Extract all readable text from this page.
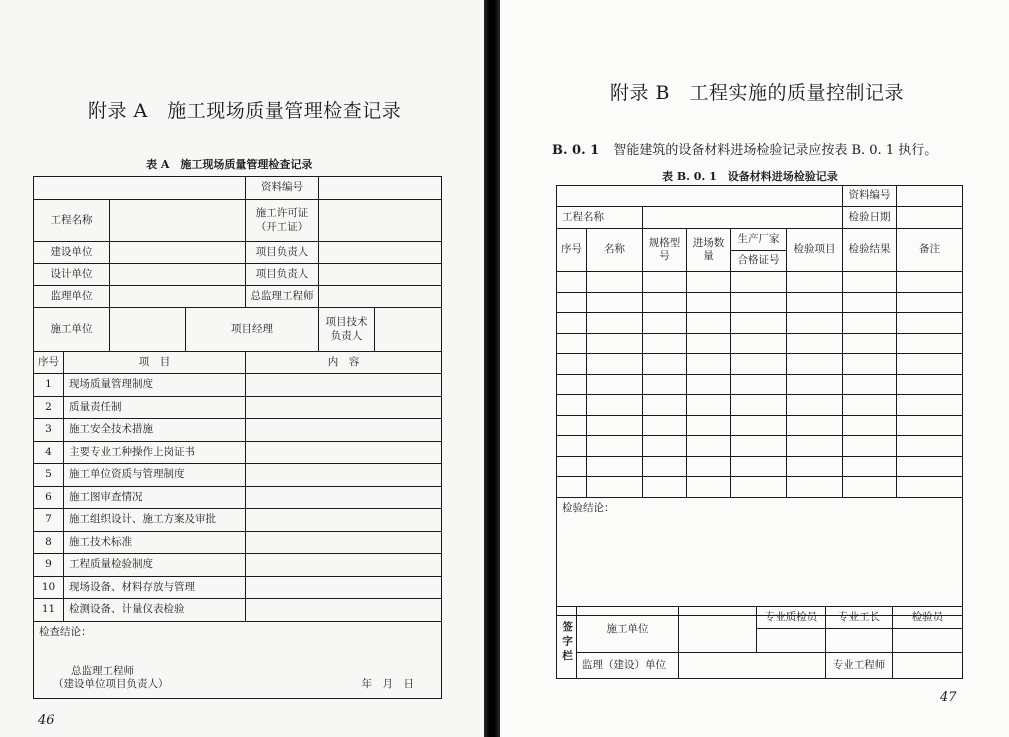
附录 A　施工现场质量管理检查记录
表 A　施工现场质量管理检查记录
				资料编号		
工程名称				施工许可证（开工证）		
建设单位				项目负责人		
设计单位				项目负责人		
监理单位				总监理工程师		
施工单位			项目经理		项目技术负责人	
序号	项　目			内　容		
1	现场质量管理制度					
2	质量责任制					
3	施工安全技术措施					
4	主要专业工种操作上岗证书					
5	施工单位资质与管理制度					
6	施工图审查情况					
7	施工组织设计、施工方案及审批					
8	施工技术标准					
9	工程质量检验制度					
10	现场设备、材料存放与管理					
11	检测设备、计量仪表检验					

检查结论：
总监理工程师
（建设单位项目负责人） 年　月　日						
46
附录 B　工程实施的质量控制记录
B. 0. 1 智能建筑的设备材料进场检验记录应按表 B. 0. 1 执行。
表 B. 0. 1　设备材料进场检验记录
						资料编号	
工程名称						检验日期	
序号	名称	规格型号	进场数量	生产厂家	检验项目	检验结果	备注
				合格证号			

检验结论：							
签字栏	施工单位		专业质检员	专业工长	检验员

	监理（建设）单位			专业工程师	
47
